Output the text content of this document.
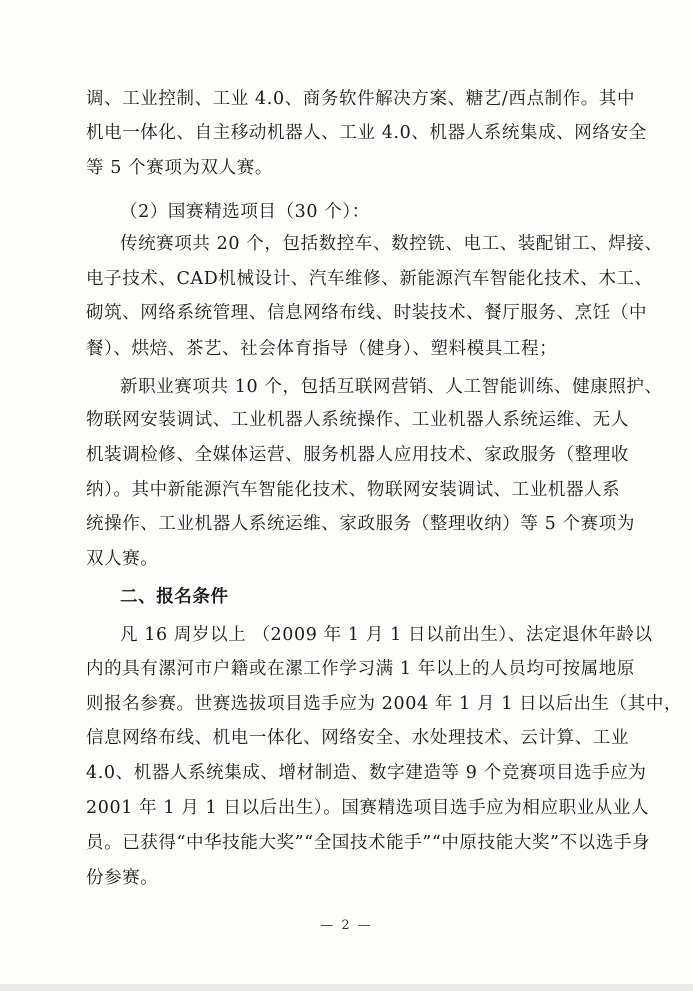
调、工业控制、工业 4.0、商务软件解决方案、糖艺/西点制作。其中
机电一体化、自主移动机器人、工业 4.0、机器人系统集成、网络安全
等 5 个赛项为双人赛。
（2）国赛精选项目（30 个）：
传统赛项共 20 个，包括数控车、数控铣、电工、装配钳工、焊接、
电子技术、CAD机械设计、汽车维修、新能源汽车智能化技术、木工、
砌筑、网络系统管理、信息网络布线、时装技术、餐厅服务、烹饪（中
餐）、烘焙、茶艺、社会体育指导（健身）、塑料模具工程；
新职业赛项共 10 个，包括互联网营销、人工智能训练、健康照护、
物联网安装调试、工业机器人系统操作、工业机器人系统运维、无人
机装调检修、全媒体运营、服务机器人应用技术、家政服务（整理收
纳）。其中新能源汽车智能化技术、物联网安装调试、工业机器人系
统操作、工业机器人系统运维、家政服务（整理收纳）等 5 个赛项为
双人赛。
二、报名条件
凡 16 周岁以上 （2009 年 1 月 1 日以前出生）、法定退休年龄以
内的具有漯河市户籍或在漯工作学习满 1 年以上的人员均可按属地原
则报名参赛。世赛选拔项目选手应为 2004 年 1 月 1 日以后出生（其中，
信息网络布线、机电一体化、网络安全、水处理技术、云计算、工业
4.0、机器人系统集成、增材制造、数字建造等 9 个竞赛项目选手应为
2001 年 1 月 1 日以后出生）。国赛精选项目选手应为相应职业从业人
员。已获得“中华技能大奖”“全国技术能手”“中原技能大奖”不以选手身
份参赛。
— 2 —
